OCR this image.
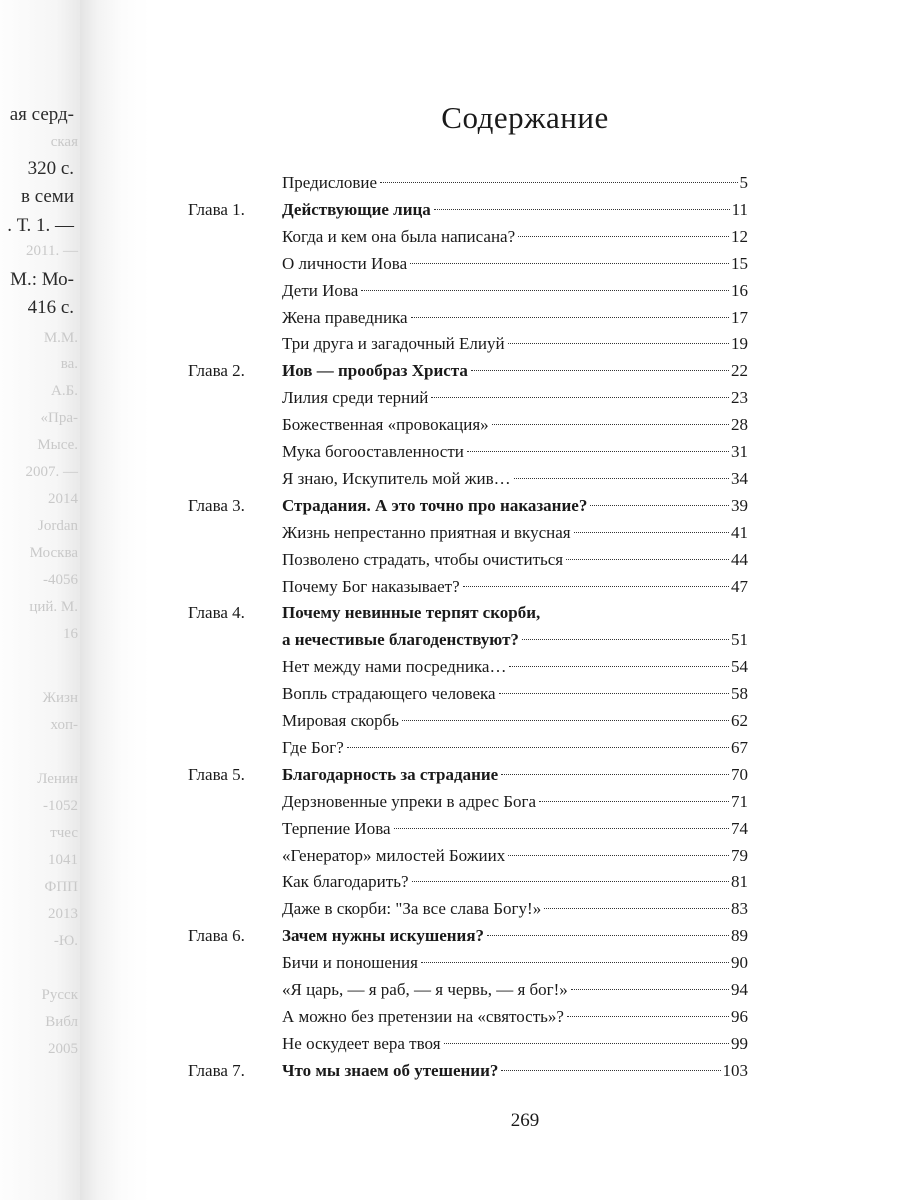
ая серд-
ская
320 с.
в семи
. Т. 1. —
2011. —
М.: Мо-
416 с.
М.М.
ва.
А.Б.
«Пра-
Мысе.
2007. —
2014
Jordan
Москва
-4056
ций. М.
16
Жизн
хоп-
Ленин
-1052
тчес
1041
ФПП
2013
-Ю.
Русск
Вибл
2005
Содержание
Предисловие	5
Глава 1. Действующие лица	11
Когда и кем она была написана?	12
О личности Иова	15
Дети Иова	16
Жена праведника	17
Три друга и загадочный Елиуй	19
Глава 2. Иов — прообраз Христа	22
Лилия среди терний	23
Божественная «провокация»	28
Мука богооставленности	31
Я знаю, Искупитель мой жив…	34
Глава 3. Страдания. А это точно про наказание?	39
Жизнь непрестанно приятная и вкусная	41
Позволено страдать, чтобы очиститься	44
Почему Бог наказывает?	47
Глава 4. Почему невинные терпят скорби,
а нечестивые благоденствуют?	51
Нет между нами посредника…	54
Вопль страдающего человека	58
Мировая скорбь	62
Где Бог?	67
Глава 5. Благодарность за страдание	70
Дерзновенные упреки в адрес Бога	71
Терпение Иова	74
«Генератор» милостей Божиих	79
Как благодарить?	81
Даже в скорби: "За все слава Богу!»	83
Глава 6. Зачем нужны искушения?	89
Бичи и поношения	90
«Я царь, — я раб, — я червь, — я бог!»	94
А можно без претензии на «святость»?	96
Не оскудеет вера твоя	99
Глава 7. Что мы знаем об утешении?	103
269
